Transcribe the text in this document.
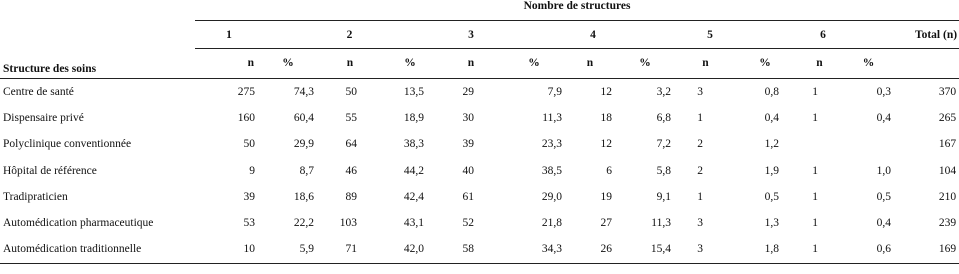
	Nombre de structures												
	1		2		3		4		5		6		Total (n)
Structure des soins	n	%	n	%	n	%	n	%	n	%	n	%	
Centre de santé	275	74,3	50	13,5	29	7,9	12	3,2	3	0,8	1	0,3	370
Dispensaire privé	160	60,4	55	18,9	30	11,3	18	6,8	1	0,4	1	0,4	265
Polyclinique conventionnée	50	29,9	64	38,3	39	23,3	12	7,2	2	1,2			167
Hôpital de référence	9	8,7	46	44,2	40	38,5	6	5,8	2	1,9	1	1,0	104
Tradipraticien	39	18,6	89	42,4	61	29,0	19	9,1	1	0,5	1	0,5	210
Automédication pharmaceutique	53	22,2	103	43,1	52	21,8	27	11,3	3	1,3	1	0,4	239
Automédication traditionnelle	10	5,9	71	42,0	58	34,3	26	15,4	3	1,8	1	0,6	169
